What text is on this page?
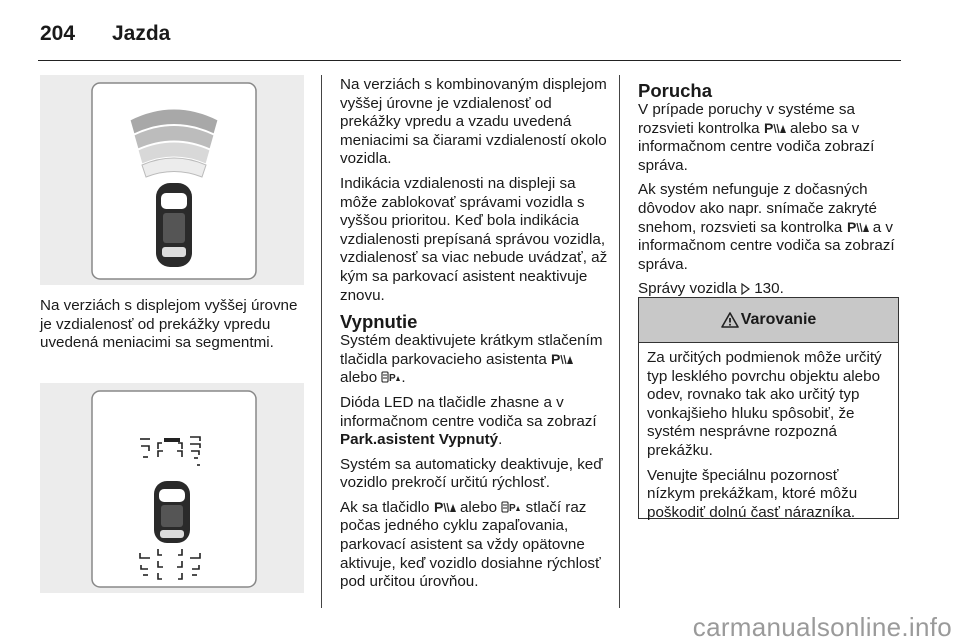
204 Jazda

Na verziách s displejom vyššej úrovne je vzdialenosť od prekážky vpredu uvedená meniacimi sa segmentmi.

Na verziách s kombinovaným displejom vyššej úrovne je vzdialenosť od prekážky vpredu a vzadu uvedená meniacimi sa čiarami vzdialeností okolo vozidla.

Indikácia vzdialenosti na displeji sa môže zablokovať správami vozidla s vyššou prioritou. Keď bola indikácia vzdialenosti prepísaná správou vozidla, vzdialenosť sa viac nebude uvádzať, až kým sa parkovací asistent neaktivuje znovu.

Vypnutie

Systém deaktivujete krátkym stlačením tlačidla parkovacieho asistenta P
alebo P .

Dióda LED na tlačidle zhasne a v informačnom centre vodiča sa zobrazí Park.asistent Vypnutý.

Systém sa automaticky deaktivuje, keď vozidlo prekročí určitú rýchlosť.

Ak sa tlačidlo P alebo P stlačí raz počas jedného cyklu zapaľovania, parkovací asistent sa vždy opätovne aktivuje, keď vozidlo dosiahne rýchlosť pod určitou úrovňou.

Porucha

V prípade poruchy v systéme sa rozsvieti kontrolka P alebo sa v informačnom centre vodiča zobrazí správa.

Ak systém nefunguje z dočasných dôvodov ako napr. snímače zakryté snehom, rozsvieti sa kontrolka P a v informačnom centre vodiča sa zobrazí správa.

Správy vozidla 130.

Varovanie

Za určitých podmienok môže určitý typ lesklého povrchu objektu alebo odev, rovnako tak ako určitý typ vonkajšieho hluku spôsobiť, že systém nesprávne rozpozná prekážku.

Venujte špeciálnu pozornosť nízkym prekážkam, ktoré môžu poškodiť dolnú časť nárazníka.

carmanualsonline.info
